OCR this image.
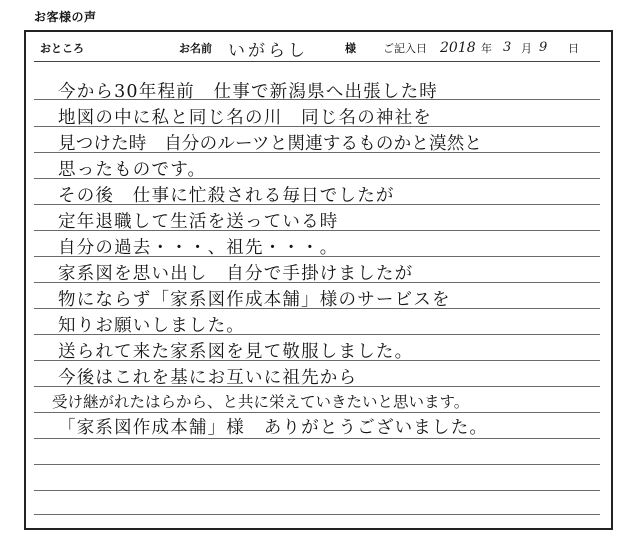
お客様の声
おところ	お名前 いがらし	様 ご記入日 2018 年 3 月 9 日
今から30年程前　仕事で新潟県へ出張した時
地図の中に私と同じ名の川　同じ名の神社を
見つけた時　自分のルーツと関連するものかと漠然と
思ったものです。
その後　仕事に忙殺される毎日でしたが
定年退職して生活を送っている時
自分の過去・・・、祖先・・・。
家系図を思い出し　自分で手掛けましたが
物にならず「家系図作成本舗」様のサービスを
知りお願いしました。
送られて来た家系図を見て敬服しました。
今後はこれを基にお互いに祖先から
受け継がれたはらから、と共に栄えていきたいと思います。
「家系図作成本舗」様　ありがとうございました。
